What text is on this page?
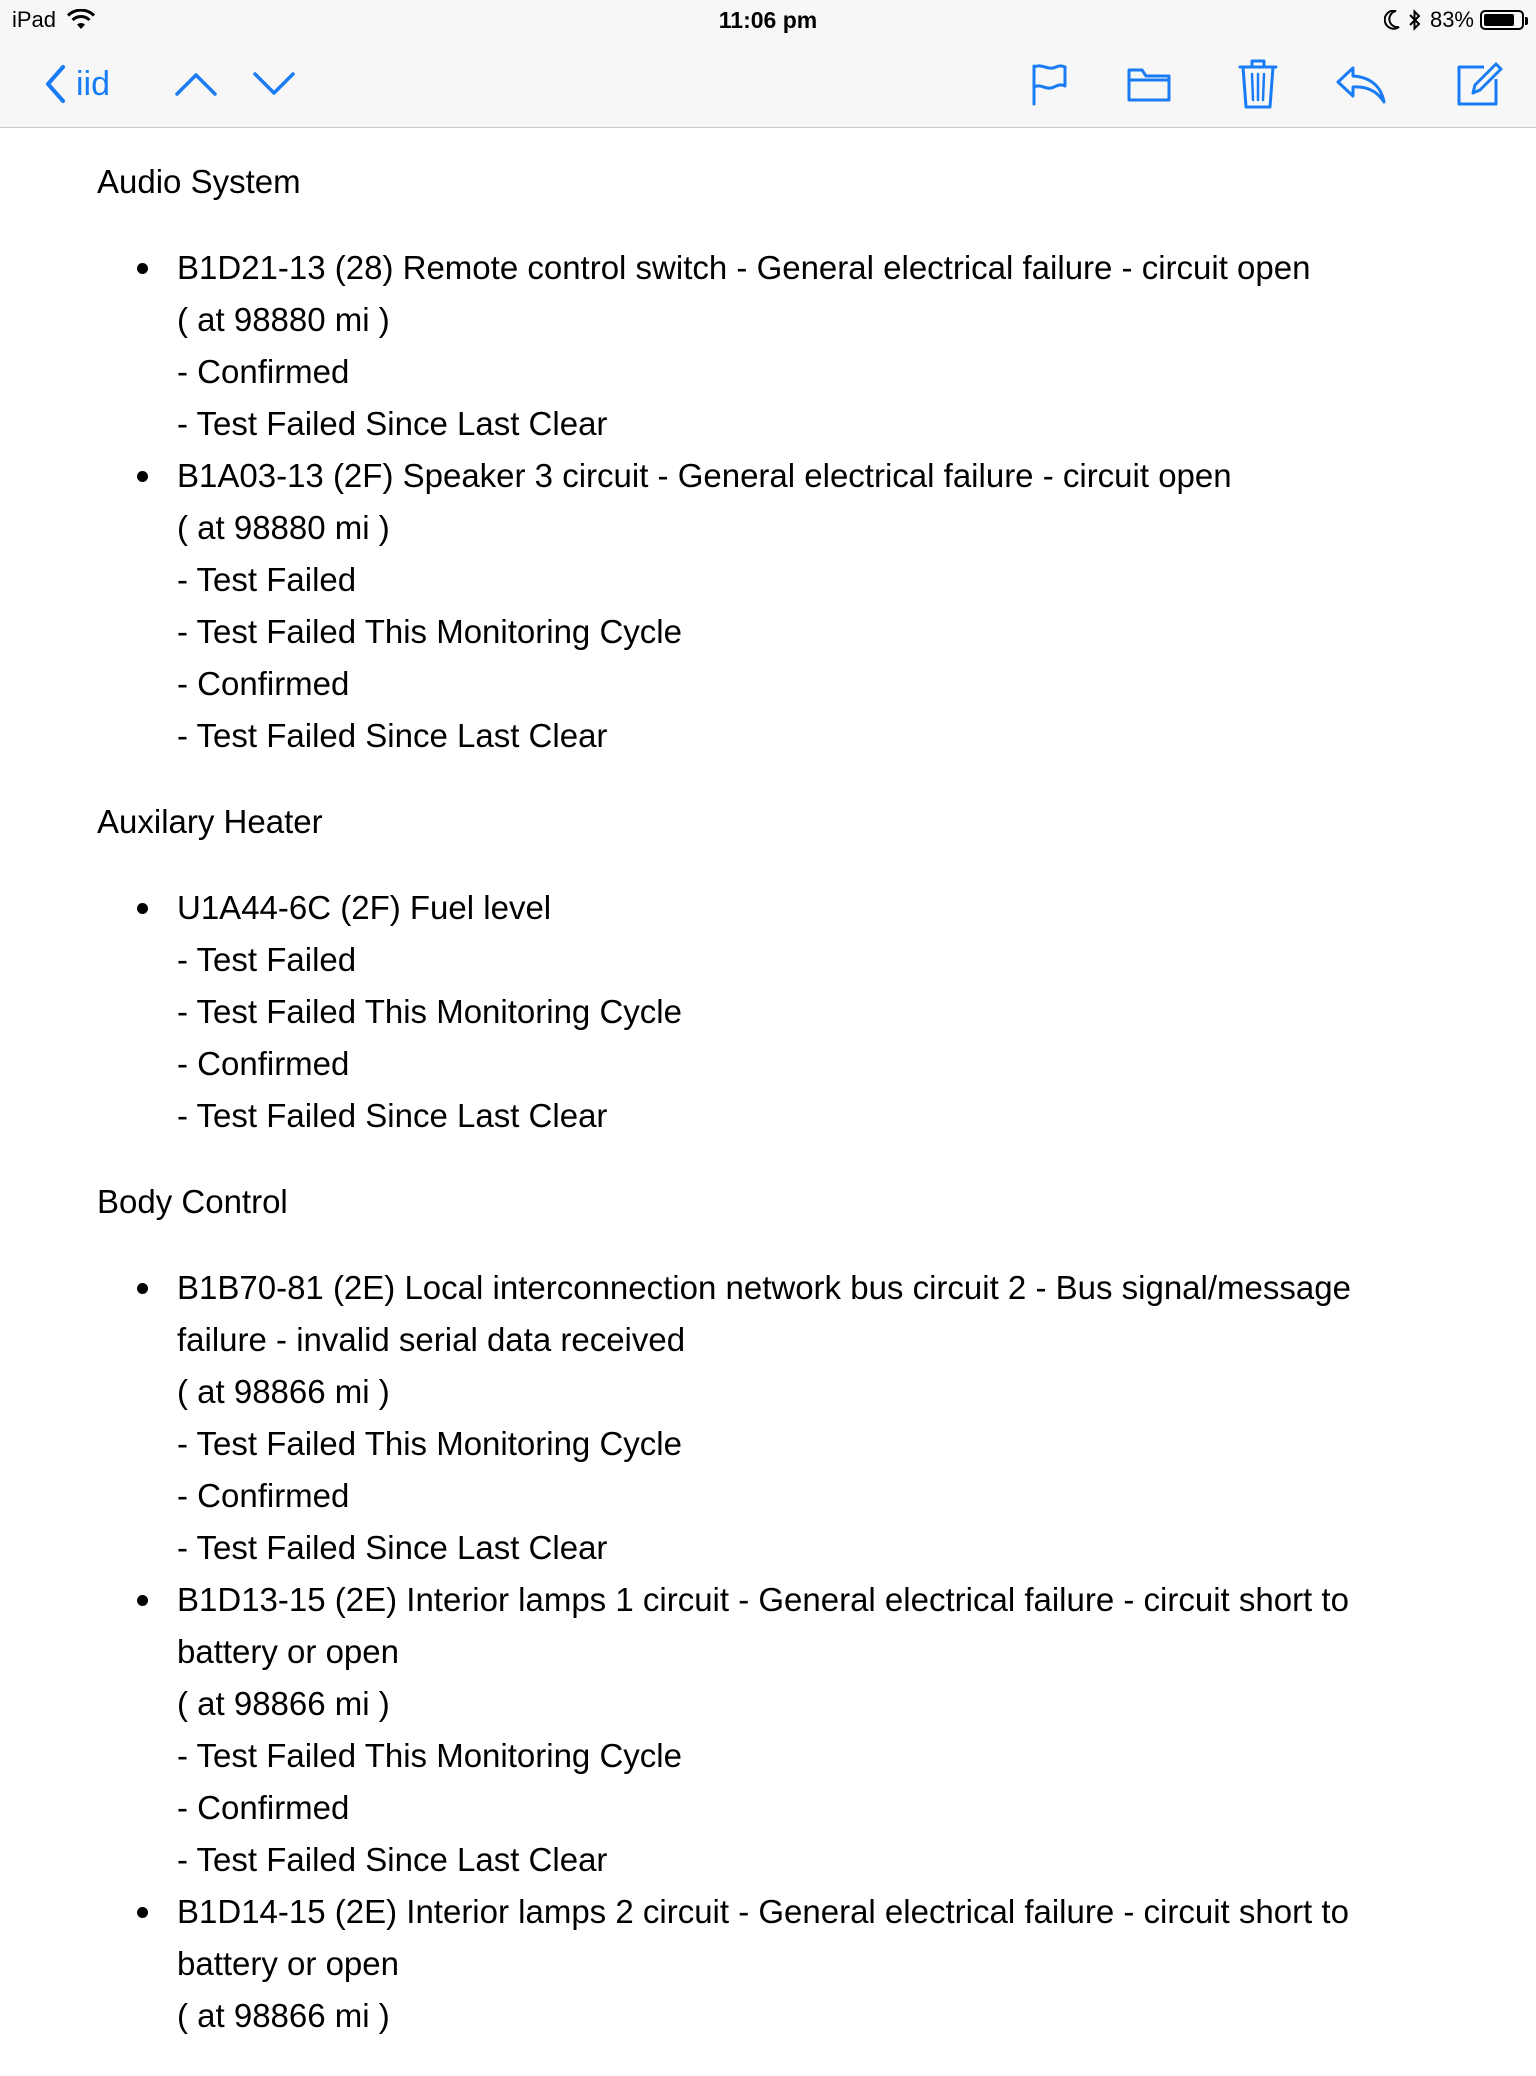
iPad	11:06 pm	83%
iid
Audio System
B1D21-13 (28) Remote control switch - General electrical failure - circuit open
( at 98880 mi )
- Confirmed
- Test Failed Since Last Clear
B1A03-13 (2F) Speaker 3 circuit - General electrical failure - circuit open
( at 98880 mi )
- Test Failed
- Test Failed This Monitoring Cycle
- Confirmed
- Test Failed Since Last Clear
Auxilary Heater
U1A44-6C (2F) Fuel level
- Test Failed
- Test Failed This Monitoring Cycle
- Confirmed
- Test Failed Since Last Clear
Body Control
B1B70-81 (2E) Local interconnection network bus circuit 2 - Bus signal/message failure - invalid serial data received
( at 98866 mi )
- Test Failed This Monitoring Cycle
- Confirmed
- Test Failed Since Last Clear
B1D13-15 (2E) Interior lamps 1 circuit - General electrical failure - circuit short to battery or open
( at 98866 mi )
- Test Failed This Monitoring Cycle
- Confirmed
- Test Failed Since Last Clear
B1D14-15 (2E) Interior lamps 2 circuit - General electrical failure - circuit short to battery or open
( at 98866 mi )
